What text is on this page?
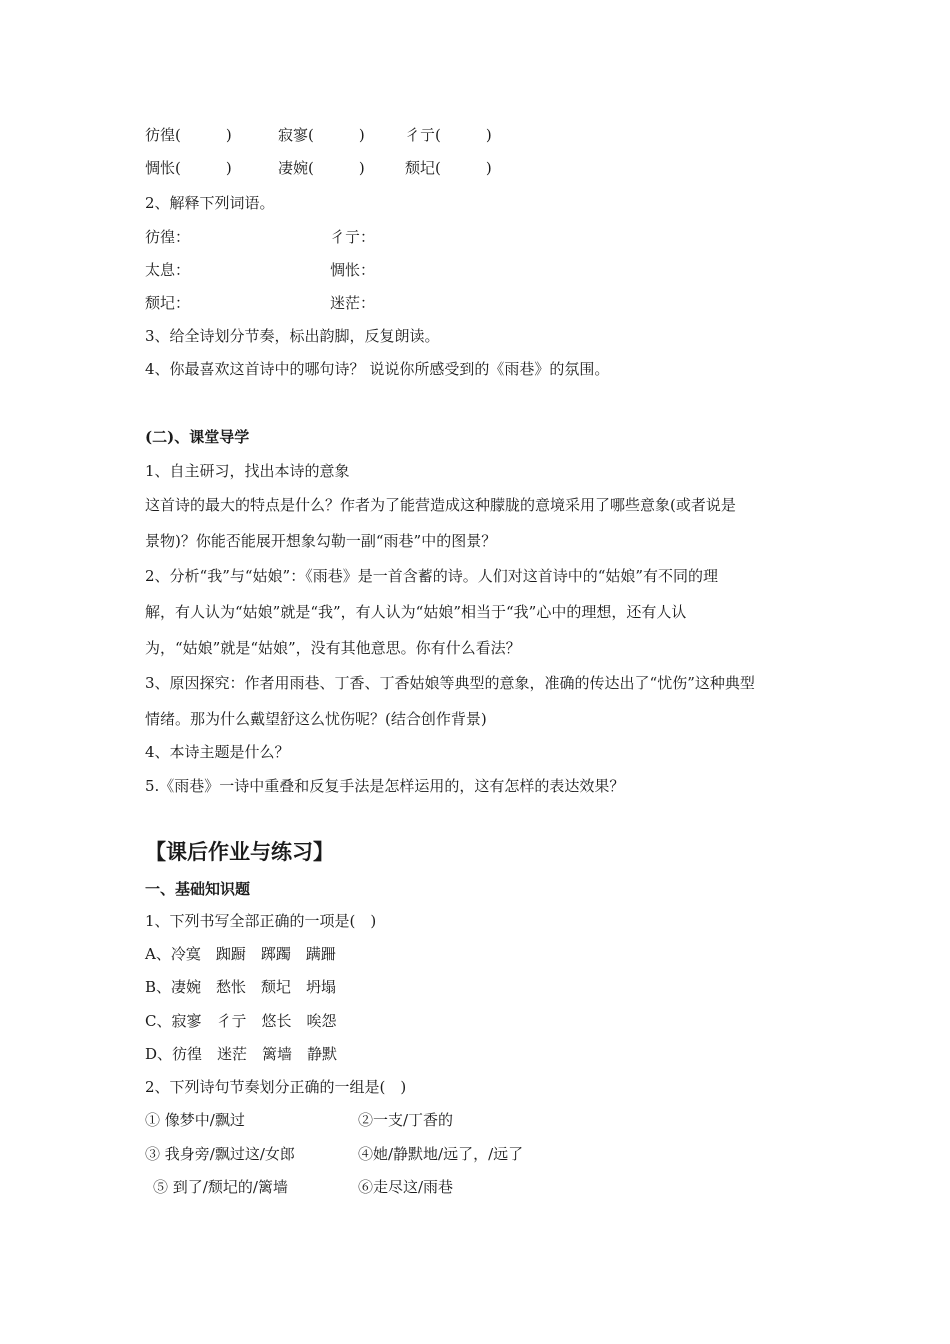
彷徨(　　　)	寂寥(　　　)	彳亍(　　　)
惆怅(　　　)	凄婉(　　　)	颓圮(　　　)
2、解释下列词语。
彷徨：	彳亍：
太息：	惆怅：
颓圮：	迷茫：
3、给全诗划分节奏，标出韵脚，反复朗读。
4、你最喜欢这首诗中的哪句诗？ 说说你所感受到的《雨巷》的氛围。
(二)、课堂导学
1、自主研习，找出本诗的意象
这首诗的最大的特点是什么？作者为了能营造成这种朦胧的意境采用了哪些意象(或者说是
景物)？你能否能展开想象勾勒一副“雨巷”中的图景？
2、分析“我”与“姑娘”：《雨巷》是一首含蓄的诗。人们对这首诗中的“姑娘”有不同的理
解，有人认为“姑娘”就是“我”，有人认为“姑娘”相当于“我”心中的理想，还有人认
为，“姑娘”就是“姑娘”，没有其他意思。你有什么看法？
3、原因探究：作者用雨巷、丁香、丁香姑娘等典型的意象，准确的传达出了“忧伤”这种典型
情绪。那为什么戴望舒这么忧伤呢？(结合创作背景)
4、本诗主题是什么？
5.《雨巷》一诗中重叠和反复手法是怎样运用的，这有怎样的表达效果？
【课后作业与练习】
一、基础知识题
1、下列书写全部正确的一项是(　)
A、冷寞　踟蹰　踯躅　蹒跚
B、凄婉　愁怅　颓圮　坍塌
C、寂寥　彳亍　悠长　唉怨
D、彷徨　迷茫　篱墙　静默
2、下列诗句节奏划分正确的一组是(　)
① 像梦中/飘过	②一支/丁香的
③ 我身旁/飘过这/女郎	④她/静默地/远了，/远了
⑤ 到了/颓圮的/篱墙	⑥走尽这/雨巷
